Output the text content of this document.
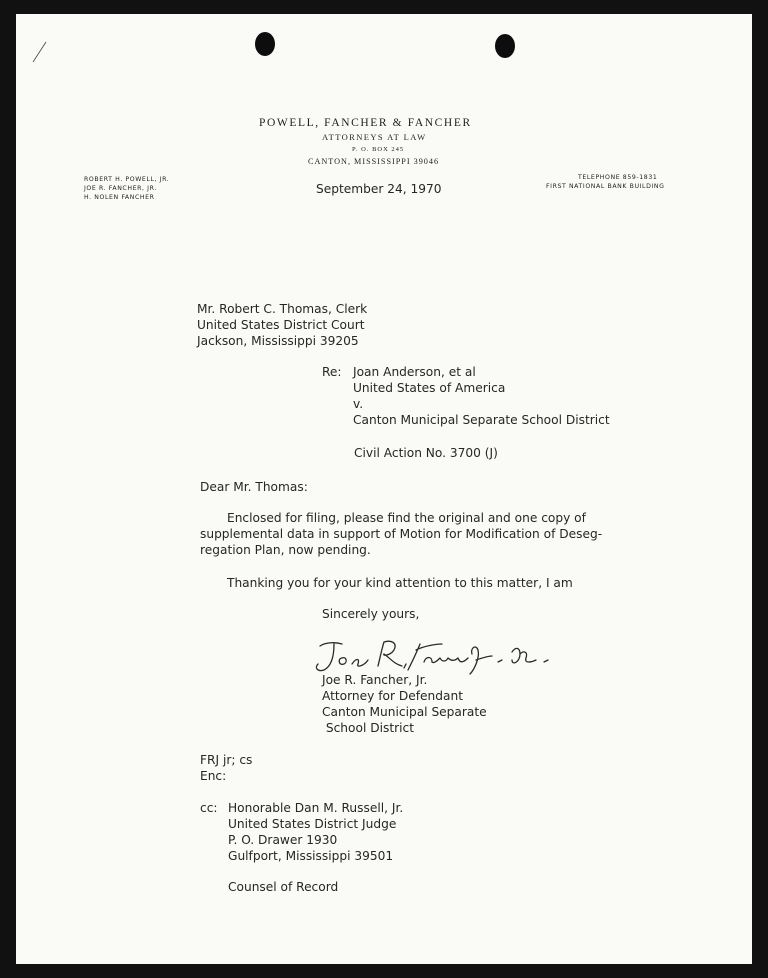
POWELL, FANCHER & FANCHER
ATTORNEYS AT LAW
P. O. BOX 245
CANTON, MISSISSIPPI 39046
ROBERT H. POWELL, JR.
JOE R. FANCHER, JR.
H. NOLEN FANCHER
TELEPHONE 859-1831
FIRST NATIONAL BANK BUILDING
September 24, 1970
Mr. Robert C. Thomas, Clerk
United States District Court
Jackson, Mississippi 39205
Re: Joan Anderson, et al
United States of America
v.
Canton Municipal Separate School District
Civil Action No. 3700 (J)
Dear Mr. Thomas:
Enclosed for filing, please find the original and one copy of
supplemental data in support of Motion for Modification of Deseg-
regation Plan, now pending.
Thanking you for your kind attention to this matter, I am
Sincerely yours,
Joe R. Fancher, Jr.
Attorney for Defendant
Canton Municipal Separate
School District
FRJ jr; cs
Enc:
cc: Honorable Dan M. Russell, Jr.
United States District Judge
P. O. Drawer 1930
Gulfport, Mississippi 39501
Counsel of Record
